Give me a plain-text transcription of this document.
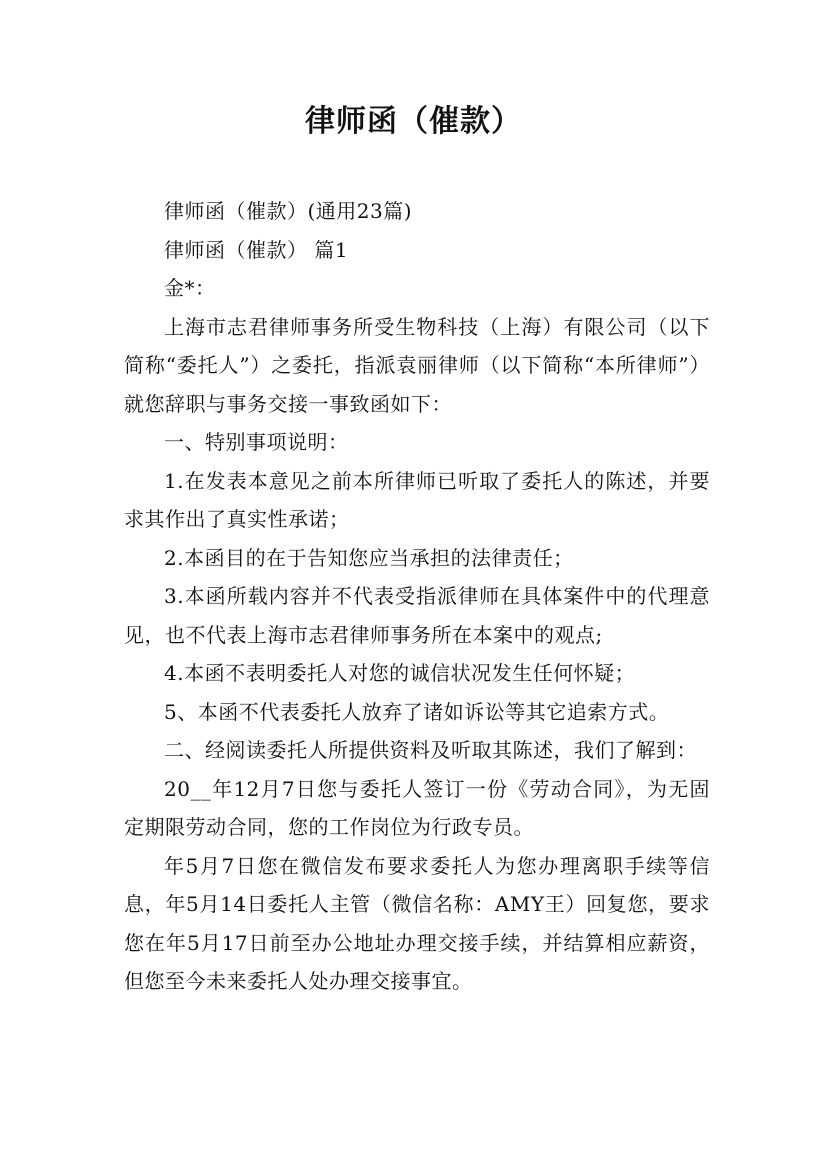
律师函（催款）

律师函（催款）(通用23篇)

律师函（催款） 篇1

金*：

上海市志君律师事务所受生物科技（上海）有限公司（以下简称“委托人”）之委托，指派袁丽律师（以下简称“本所律师”）就您辞职与事务交接一事致函如下：

一、特别事项说明：

1.在发表本意见之前本所律师已听取了委托人的陈述，并要求其作出了真实性承诺；

2.本函目的在于告知您应当承担的法律责任；

3.本函所载内容并不代表受指派律师在具体案件中的代理意见，也不代表上海市志君律师事务所在本案中的观点;

4.本函不表明委托人对您的诚信状况发生任何怀疑；

5、本函不代表委托人放弃了诸如诉讼等其它追索方式。

二、经阅读委托人所提供资料及听取其陈述，我们了解到：

20__年12月7日您与委托人签订一份《劳动合同》，为无固定期限劳动合同，您的工作岗位为行政专员。

年5月7日您在微信发布要求委托人为您办理离职手续等信息，年5月14日委托人主管（微信名称：AMY王）回复您，要求您在年5月17日前至办公地址办理交接手续，并结算相应薪资，但您至今未来委托人处办理交接事宜。
